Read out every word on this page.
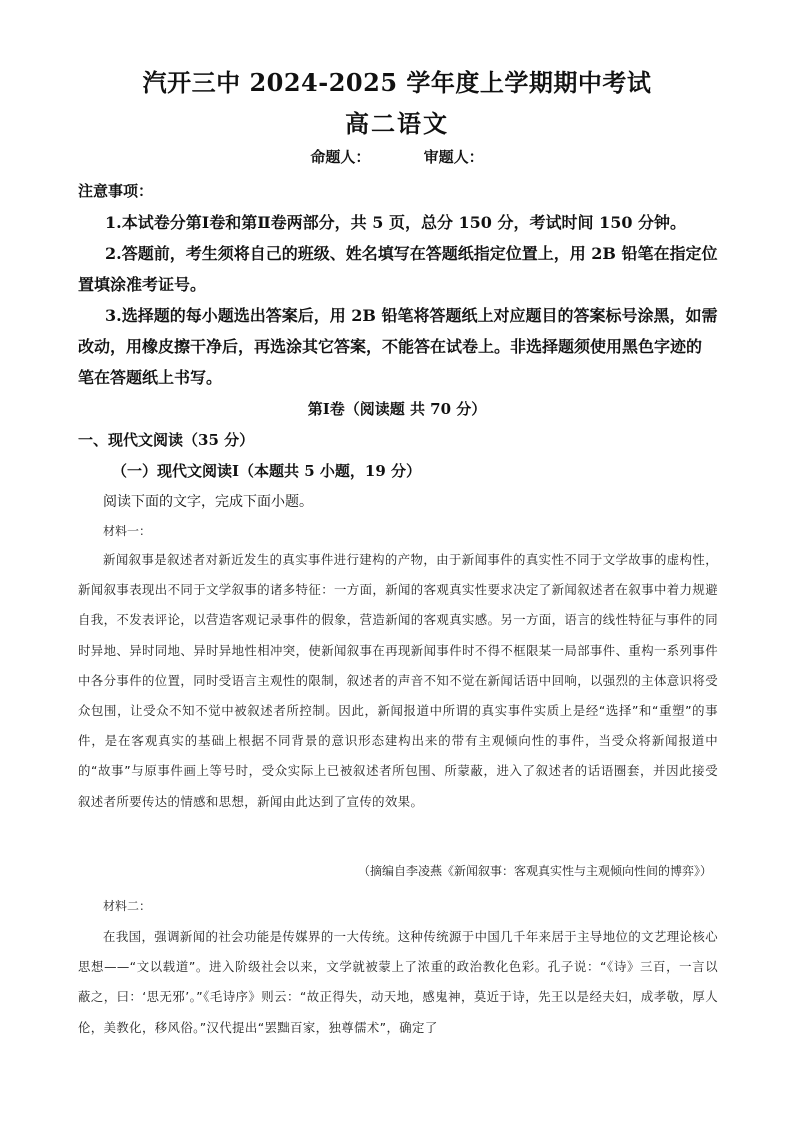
汽开三中 2024-2025 学年度上学期期中考试
高二语文
命题人：	审题人：
注意事项：
1.本试卷分第Ⅰ卷和第Ⅱ卷两部分，共 5 页，总分 150 分，考试时间 150 分钟。
2.答题前，考生须将自己的班级、姓名填写在答题纸指定位置上，用 2B 铅笔在指定位
置填涂准考证号。
3.选择题的每小题选出答案后，用 2B 铅笔将答题纸上对应题目的答案标号涂黑，如需
改动，用橡皮擦干净后，再选涂其它答案，不能答在试卷上。非选择题须使用黑色字迹的
笔在答题纸上书写。
第Ⅰ卷（阅读题 共 70 分）
一、现代文阅读（35 分）
（一）现代文阅读Ⅰ（本题共 5 小题，19 分）
阅读下面的文字，完成下面小题。
材料一：
新闻叙事是叙述者对新近发生的真实事件进行建构的产物，由于新闻事件的真实性不同于文学故事的虚构性，新闻叙事表现出不同于文学叙事的诸多特征：一方面，新闻的客观真实性要求决定了新闻叙述者在叙事中着力规避自我，不发表评论，以营造客观记录事件的假象，营造新闻的客观真实感。另一方面，语言的线性特征与事件的同时异地、异时同地、异时异地性相冲突，使新闻叙事在再现新闻事件时不得不框限某一局部事件、重构一系列事件中各分事件的位置，同时受语言主观性的限制，叙述者的声音不知不觉在新闻话语中回响，以强烈的主体意识将受众包围，让受众不知不觉中被叙述者所控制。因此，新闻报道中所谓的真实事件实质上是经“选择”和“重塑”的事件，是在客观真实的基础上根据不同背景的意识形态建构出来的带有主观倾向性的事件，当受众将新闻报道中的“故事”与原事件画上等号时，受众实际上已被叙述者所包围、所蒙蔽，进入了叙述者的话语圈套，并因此接受叙述者所要传达的情感和思想，新闻由此达到了宣传的效果。
（摘编自李凌燕《新闻叙事：客观真实性与主观倾向性间的博弈》）
材料二：
在我国，强调新闻的社会功能是传媒界的一大传统。这种传统源于中国几千年来居于主导地位的文艺理论核心思想——“文以载道”。进入阶级社会以来，文学就被蒙上了浓重的政治教化色彩。孔子说：“《诗》三百，一言以蔽之，曰：‘思无邪’。”《毛诗序》则云：“故正得失，动天地，感鬼神，莫近于诗，先王以是经夫妇，成孝敬，厚人伦，美教化，移风俗。”汉代提出“罢黜百家，独尊儒术”，确定了
